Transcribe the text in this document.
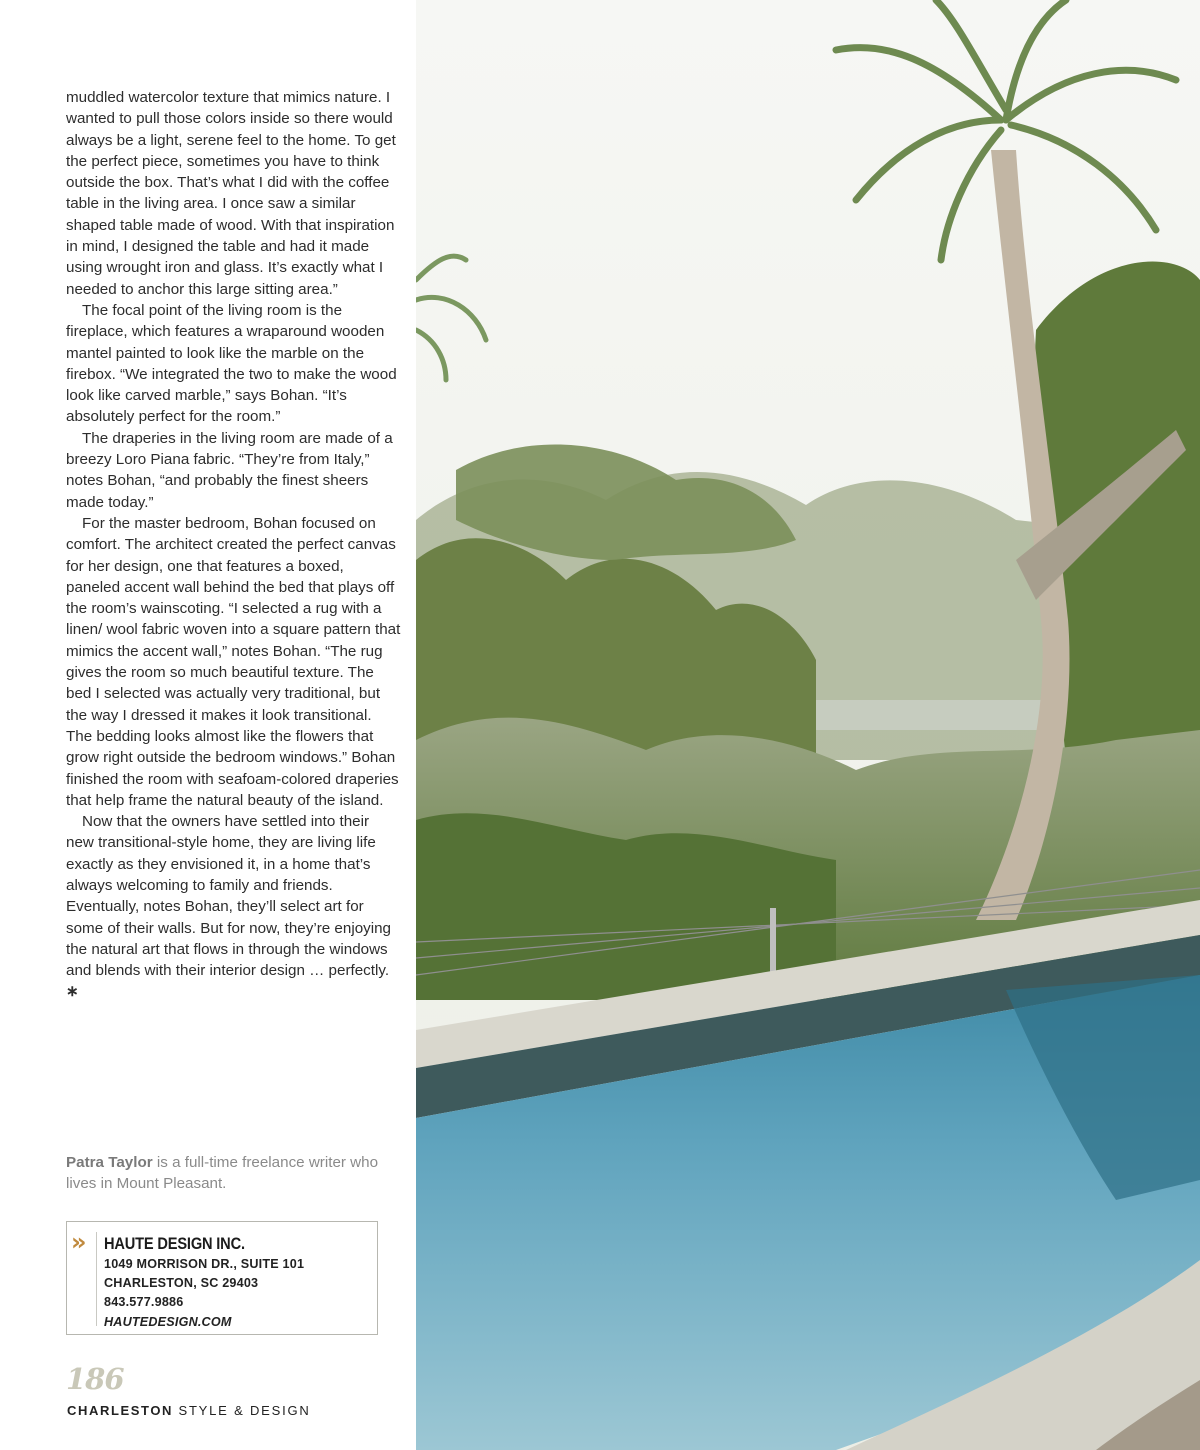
muddled watercolor texture that mimics nature. I wanted to pull those colors inside so there would always be a light, serene feel to the home. To get the perfect piece, sometimes you have to think outside the box. That’s what I did with the coffee table in the living area. I once saw a similar shaped table made of wood. With that inspiration in mind, I designed the table and had it made using wrought iron and glass. It’s exactly what I needed to anchor this large sitting area.”

The focal point of the living room is the fireplace, which features a wraparound wooden mantel painted to look like the marble on the firebox. “We integrated the two to make the wood look like carved marble,” says Bohan. “It’s absolutely perfect for the room.”

The draperies in the living room are made of a breezy Loro Piana fabric. “They’re from Italy,” notes Bohan, “and probably the finest sheers made today.”

For the master bedroom, Bohan focused on comfort. The architect created the perfect canvas for her design, one that features a boxed, paneled accent wall behind the bed that plays off the room’s wainscoting. “I selected a rug with a linen/ wool fabric woven into a square pattern that mimics the accent wall,” notes Bohan. “The rug gives the room so much beautiful texture. The bed I selected was actually very traditional, but the way I dressed it makes it look transitional. The bedding looks almost like the flowers that grow right outside the bedroom windows.” Bohan finished the room with seafoam-colored draperies that help frame the natural beauty of the island.

Now that the owners have settled into their new transitional-style home, they are living life exactly as they envisioned it, in a home that’s always welcoming to family and friends. Eventually, notes Bohan, they’ll select art for some of their walls. But for now, they’re enjoying the natural art that flows in through the windows and blends with their interior design … perfectly. ∗

Patra Taylor is a full-time freelance writer who lives in Mount Pleasant.
» HAUTE DESIGN INC.
1049 MORRISON DR., SUITE 101
CHARLESTON, SC 29403
843.577.9886
HAUTEDESIGN.COM
186
CHARLESTON STYLE & DESIGN
